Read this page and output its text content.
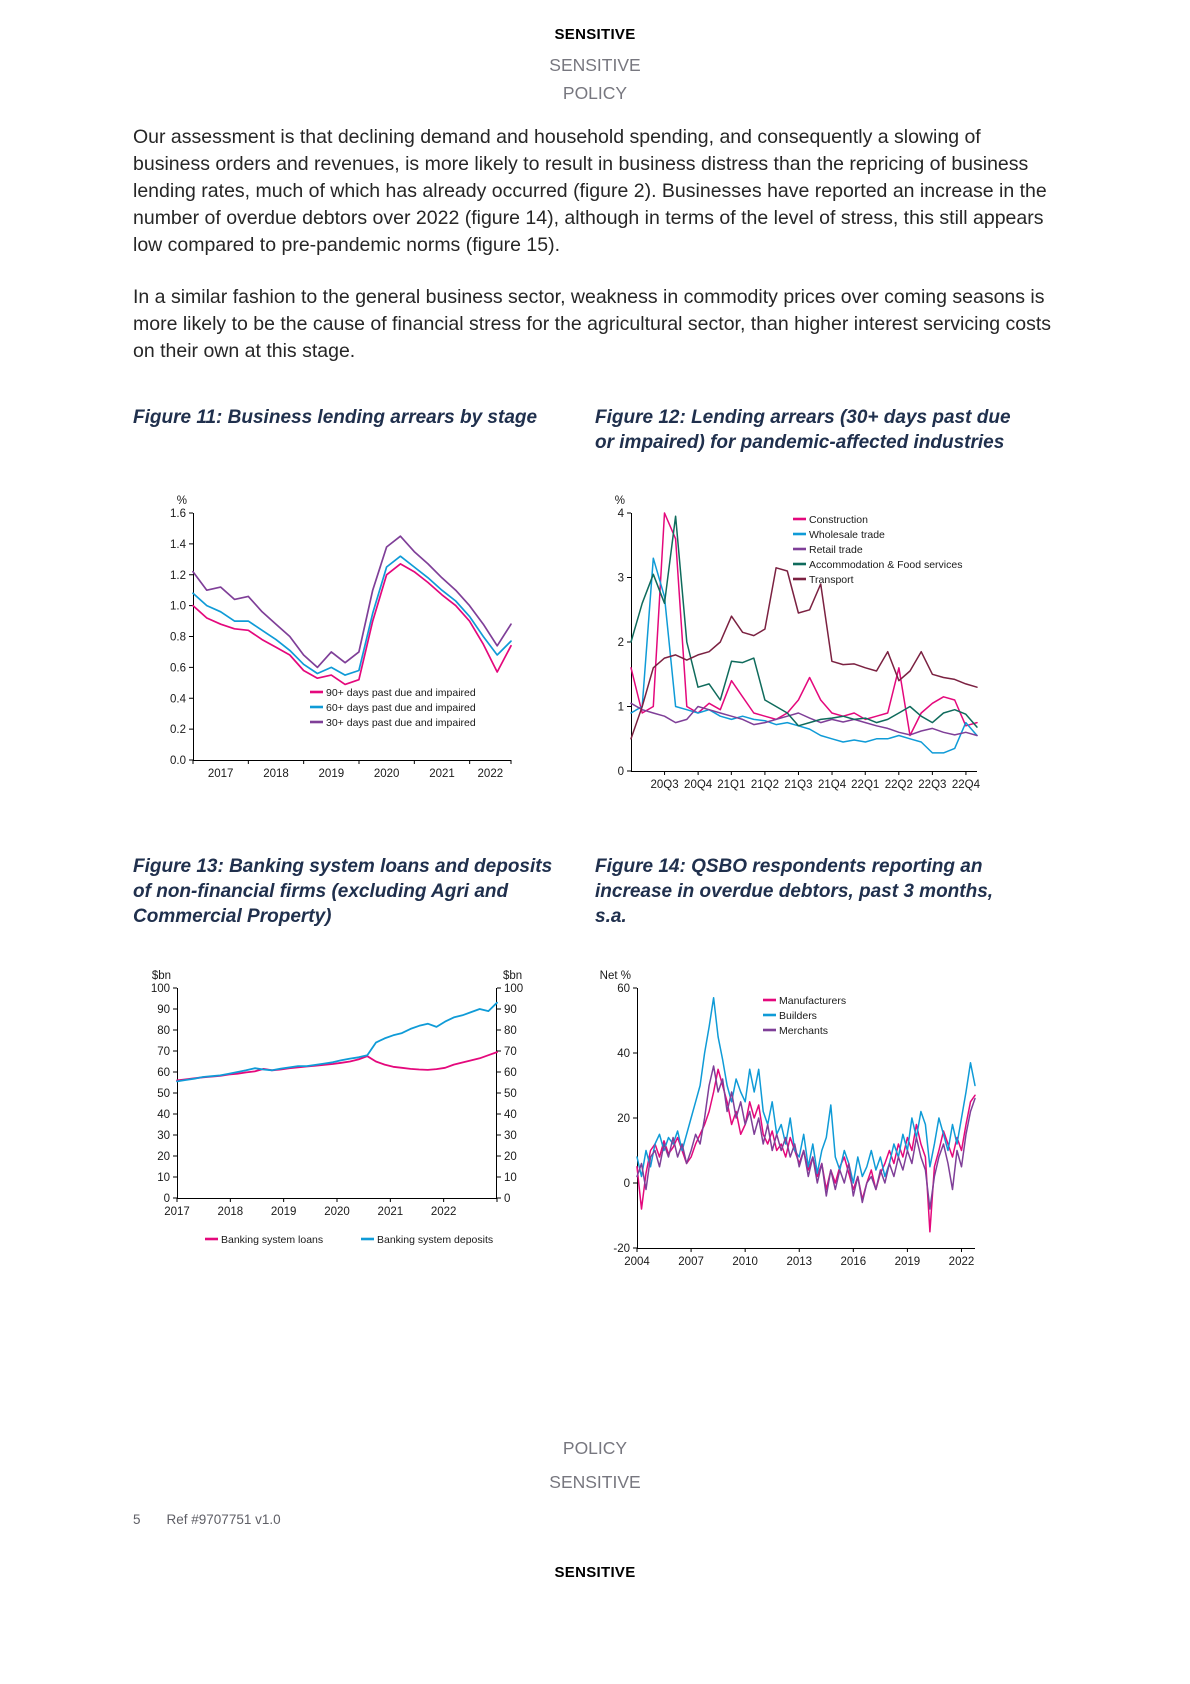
SENSITIVE
SENSITIVE
POLICY

Our assessment is that declining demand and household spending, and consequently a slowing of business orders and revenues, is more likely to result in business distress than the repricing of business lending rates, much of which has already occurred (figure 2). Businesses have reported an increase in the number of overdue debtors over 2022 (figure 14), although in terms of the level of stress, this still appears low compared to pre-pandemic norms (figure 15).

In a similar fashion to the general business sector, weakness in commodity prices over coming seasons is more likely to be the cause of financial stress for the agricultural sector, than higher interest servicing costs on their own at this stage.

Figure 11: Business lending arrears by stage
0.0
0.2
0.4
0.6
0.8
1.0
1.2
1.4
1.6
%
2017	2018	2019	2020	2021 2022
90+ days past due and impaired
60+ days past due and impaired
30+ days past due and impaired
Figure 12: Lending arrears (30+ days past due or impaired) for pandemic-affected industries
0
1
2
3
4
%
20Q3 20Q4 21Q1 21Q2 21Q3 21Q4 22Q1 22Q2 22Q3 22Q4
Construction
Wholesale trade
Retail trade
Accommodation & Food services
Transport
Figure 13: Banking system loans and deposits of non-financial firms (excluding Agri and Commercial Property)
0	0
10	10
20	20
30	30
40	40
50	50
60	60
70	70
80	80
90	90
100	100
$bn	$bn
2017 2018 2019 2020 2021 2022
Banking system loans	Banking system deposits
Figure 14: QSBO respondents reporting an increase in overdue debtors, past 3 months, s.a.
-20
0
20
40
60
Net %
2004 2007 2010 2013 2016 2019 2022
Manufacturers
Builders
Merchants
POLICY
SENSITIVE
5 Ref #9707751 v1.0
SENSITIVE
